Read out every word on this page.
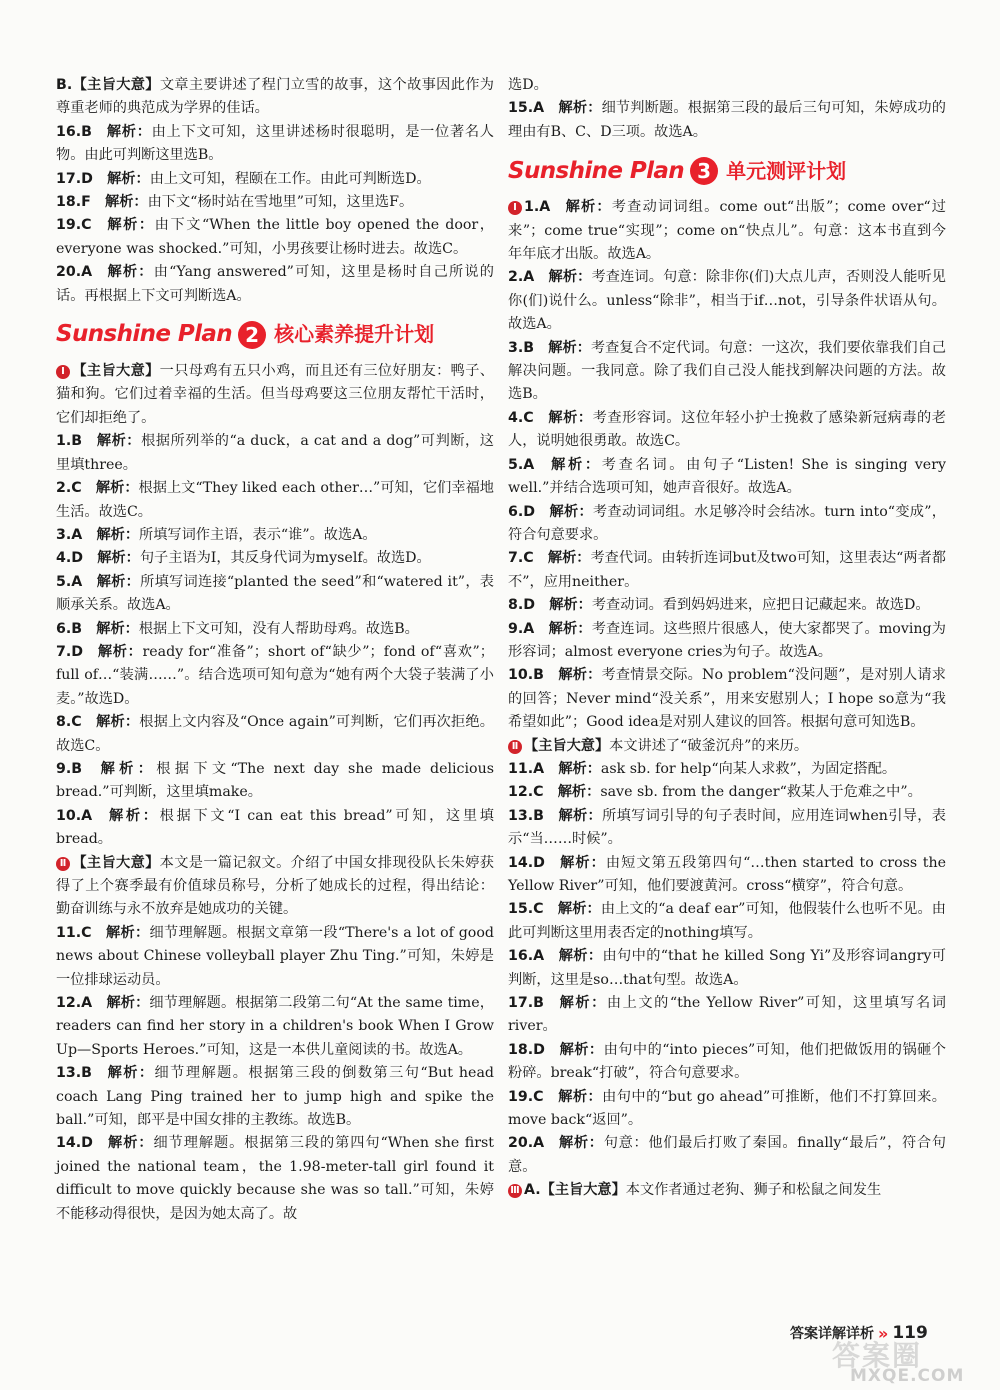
B.【主旨大意】文章主要讲述了程门立雪的故事，这个故事因此作为尊重老师的典范成为学界的佳话。

16.B  解析：由上下文可知，这里讲述杨时很聪明，是一位著名人物。由此可判断这里选B。

17.D  解析：由上文可知，程颐在工作。由此可判断选D。

18.F  解析：由下文“杨时站在雪地里”可知，这里选F。

19.C  解析：由下文“When the little boy opened the door，everyone was shocked.”可知，小男孩要让杨时进去。故选C。

20.A  解析：由“Yang answered”可知，这里是杨时自己所说的话。再根据上下文可判断选A。

Sunshine Plan 2 核心素养提升计划

Ⅰ 【主旨大意】一只母鸡有五只小鸡，而且还有三位好朋友：鸭子、猫和狗。它们过着幸福的生活。但当母鸡要这三位朋友帮忙干活时，它们却拒绝了。

1.B  解析：根据所列举的“a duck，a cat and a dog”可判断，这里填three。

2.C  解析：根据上文“They liked each other…”可知，它们幸福地生活。故选C。

3.A  解析：所填写词作主语，表示“谁”。故选A。

4.D  解析：句子主语为I，其反身代词为myself。故选D。

5.A  解析：所填写词连接“planted the seed”和“watered it”，表顺承关系。故选A。

6.B  解析：根据上下文可知，没有人帮助母鸡。故选B。

7.D  解析：ready for“准备”；short of“缺少”；fond of“喜欢”；full of…“装满……”。结合选项可知句意为“她有两个大袋子装满了小麦。”故选D。

8.C  解析：根据上文内容及“Once again”可判断，它们再次拒绝。故选C。

9.B  解析：根据下文“The next day she made delicious bread.”可判断，这里填make。

10.A  解析：根据下文“I can eat this bread”可知，这里填bread。

Ⅱ 【主旨大意】本文是一篇记叙文。介绍了中国女排现役队长朱婷获得了上个赛季最有价值球员称号，分析了她成长的过程，得出结论：勤奋训练与永不放弃是她成功的关键。

11.C  解析：细节理解题。根据文章第一段“There's a lot of good news about Chinese volleyball player Zhu Ting.”可知，朱婷是一位排球运动员。

12.A  解析：细节理解题。根据第二段第二句“At the same time，readers can find her story in a children's book When I Grow Up—Sports Heroes.”可知，这是一本供儿童阅读的书。故选A。

13.B  解析：细节理解题。根据第三段的倒数第三句“But head coach Lang Ping trained her to jump high and spike the ball.”可知，郎平是中国女排的主教练。故选B。

14.D  解析：细节理解题。根据第三段的第四句“When she first joined the national team，the 1.98-meter-tall girl found it difficult to move quickly because she was so tall.”可知，朱婷不能移动得很快，是因为她太高了。故

选D。

15.A  解析：细节判断题。根据第三段的最后三句可知，朱婷成功的理由有B、C、D三项。故选A。

Sunshine Plan 3 单元测评计划

Ⅰ 1.A  解析：考查动词词组。come out“出版”；come over“过来”；come true“实现”；come on“快点儿”。句意：这本书直到今年年底才出版。故选A。

2.A  解析：考查连词。句意：除非你(们)大点儿声，否则没人能听见你(们)说什么。unless“除非”，相当于if…not，引导条件状语从句。故选A。

3.B  解析：考查复合不定代词。句意：一这次，我们要依靠我们自己解决问题。一我同意。除了我们自己没人能找到解决问题的方法。故选B。

4.C  解析：考查形容词。这位年轻小护士挽救了感染新冠病毒的老人，说明她很勇敢。故选C。

5.A  解析：考查名词。由句子“Listen! She is singing very well.”并结合选项可知，她声音很好。故选A。

6.D  解析：考查动词词组。水足够冷时会结冰。turn into“变成”，符合句意要求。

7.C  解析：考查代词。由转折连词but及two可知，这里表达“两者都不”，应用neither。

8.D  解析：考查动词。看到妈妈进来，应把日记藏起来。故选D。

9.A  解析：考查连词。这些照片很感人，使大家都哭了。moving为形容词；almost everyone cries为句子。故选A。

10.B  解析：考查情景交际。No problem“没问题”，是对别人请求的回答；Never mind“没关系”，用来安慰别人；I hope so意为“我希望如此”；Good idea是对别人建议的回答。根据句意可知选B。

Ⅱ 【主旨大意】本文讲述了“破釜沉舟”的来历。

11.A  解析：ask sb. for help“向某人求救”，为固定搭配。

12.C  解析：save sb. from the danger“救某人于危难之中”。

13.B  解析：所填写词引导的句子表时间，应用连词when引导，表示“当……时候”。

14.D  解析：由短文第五段第四句“…then started to cross the Yellow River”可知，他们要渡黄河。cross“横穿”，符合句意。

15.C  解析：由上文的“a deaf ear”可知，他假装什么也听不见。由此可判断这里用表否定的nothing填写。

16.A  解析：由句中的“that he killed Song Yi”及形容词angry可判断，这里是so…that句型。故选A。

17.B  解析：由上文的“the Yellow River”可知，这里填写名词river。

18.D  解析：由句中的“into pieces”可知，他们把做饭用的锅砸个粉碎。break“打破”，符合句意要求。

19.C  解析：由句中的“but go ahead”可推断，他们不打算回来。move back“返回”。

20.A  解析：句意：他们最后打败了秦国。finally“最后”，符合句意。

Ⅲ A.【主旨大意】本文作者通过老狗、狮子和松鼠之间发生

答案详解详析 » 119
答案圈
MXQE.COM
